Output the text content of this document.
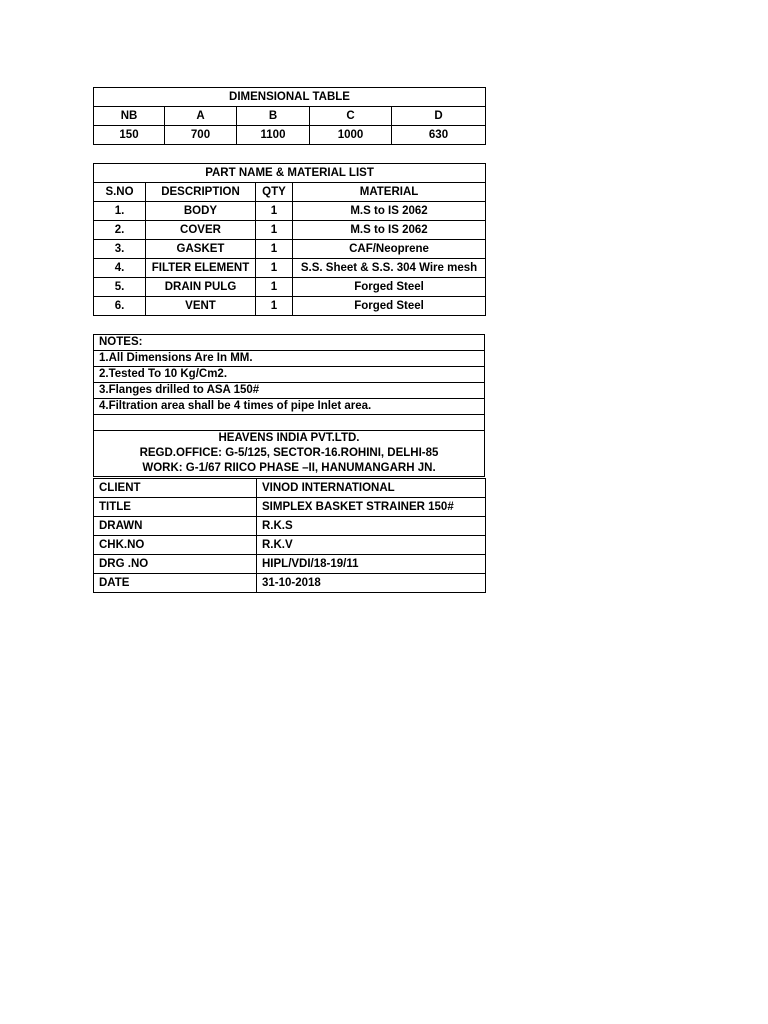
DIMENSIONAL TABLE				
NB	A	B	C	D
150	700	1100	1000	630
PART NAME & MATERIAL LIST			
S.NO	DESCRIPTION	QTY	MATERIAL
1.	BODY	1	M.S to IS 2062
2.	COVER	1	M.S to IS 2062
3.	GASKET	1	CAF/Neoprene
4.	FILTER ELEMENT	1	S.S. Sheet & S.S. 304 Wire mesh
5.	DRAIN PULG	1	Forged Steel
6.	VENT	1	Forged Steel
NOTES:
1.All Dimensions Are In MM.
2.Tested To 10 Kg/Cm2.
3.Flanges drilled to ASA 150#
4.Filtration area shall be 4 times of pipe Inlet area.

HEAVENS INDIA PVT.LTD.
REGD.OFFICE: G-5/125, SECTOR-16.ROHINI, DELHI-85
WORK: G-1/67 RIICO PHASE –II, HANUMANGARH JN.
CLIENT	VINOD INTERNATIONAL
TITLE	SIMPLEX BASKET STRAINER 150#
DRAWN	R.K.S
CHK.NO	R.K.V
DRG .NO	HIPL/VDI/18-19/11
DATE	31-10-2018
